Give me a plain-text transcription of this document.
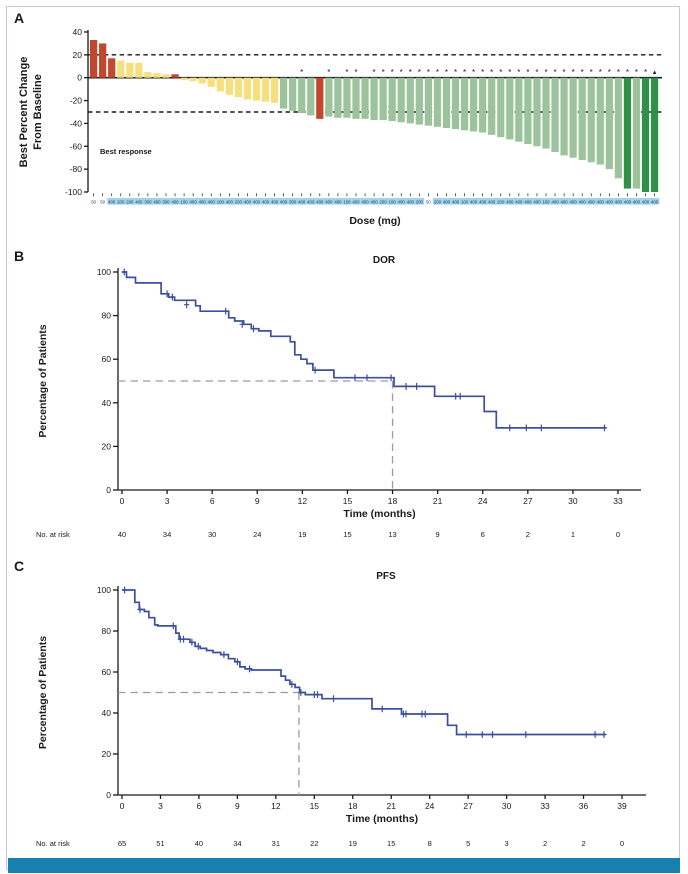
A
B
C
40
20
0
-20
-40
-60
-80
-100
50 50 400 200 200 400 300 400 300 400 100 400 400 400 100 400 200 400 400 400 400 400 300
*
400 400 400
*
400 400
*
100
*
400 400
*
400
*
200
*
100
*
400
*
400
*
200
*
50
*
200
*
400
*
400
*
100
*
400
*
400
*
400
*
200
*
400
*
400
*
400
*
400
*
100
*
400
*
400
*
400
*
400
*
400
*
400
*
400
*
400
*
400
*
400
*
400
▲
400
Best Percent Change From Baseline
Dose (mg)
Best response
DOR
0
20
40
60
80
100
0	3	6	9	12	15	18	21	24	27	30	33
Percentage of Patients
Time (months)
No. at risk	40	34	30	24	19	15	13	9	6	2	1	0
PFS
0
20
40
60
80
100
0	3	6	9	12	15	18	21	24	27	30	33	36	39
Percentage of Patients
Time (months)
No. at risk	65	51	40	34	31	22	19	15	8	5	3	2	2	0
